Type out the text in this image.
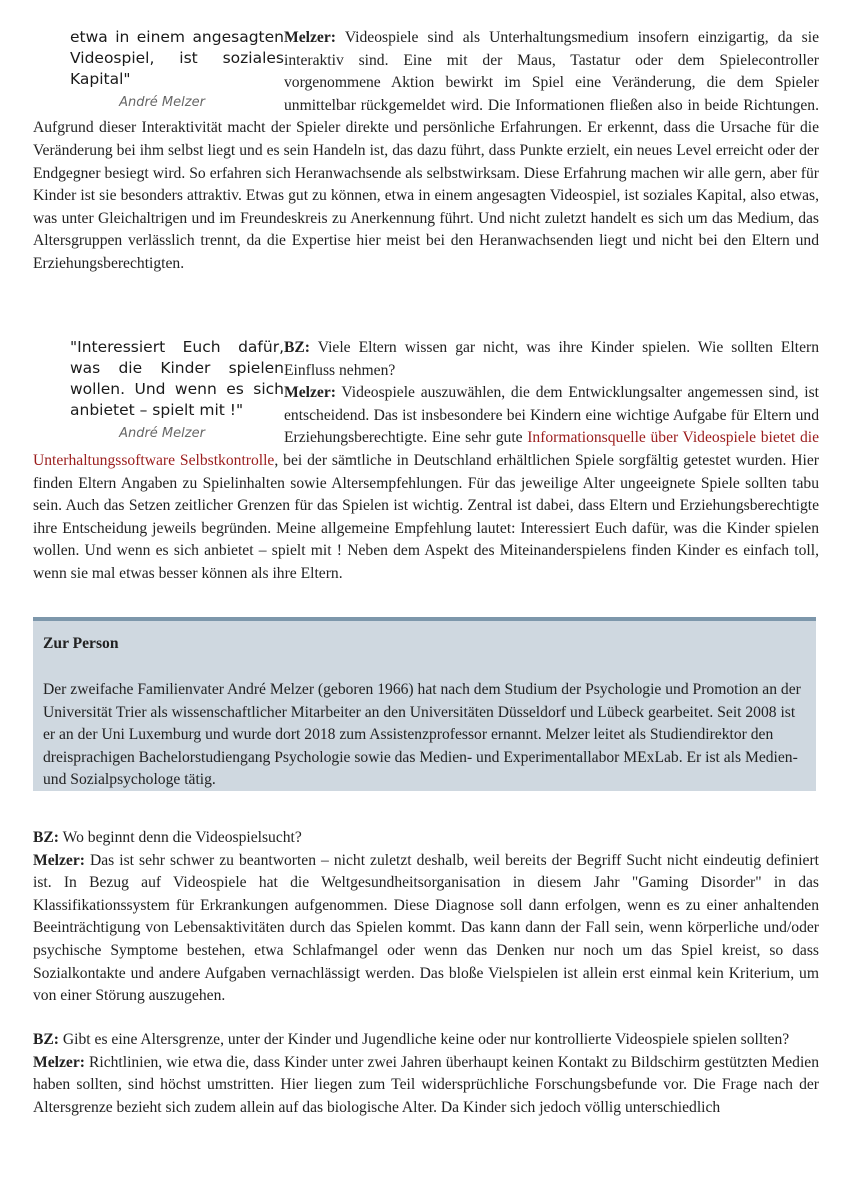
etwa in einem angesagten Videospiel, ist soziales Kapital"
André Melzer

Melzer: Videospiele sind als Unterhaltungsmedium insofern einzigartig, da sie interaktiv sind. Eine mit der Maus, Tastatur oder dem Spielecontroller vorgenommene Aktion bewirkt im Spiel eine Veränderung, die dem Spieler unmittelbar rückgemeldet wird. Die Informationen fließen also in beide Richtungen. Aufgrund dieser Interaktivität macht der Spieler direkte und persönliche Erfahrungen. Er erkennt, dass die Ursache für die Veränderung bei ihm selbst liegt und es sein Handeln ist, das dazu führt, dass Punkte erzielt, ein neues Level erreicht oder der Endgegner besiegt wird. So erfahren sich Heranwachsende als selbstwirksam. Diese Erfahrung machen wir alle gern, aber für Kinder ist sie besonders attraktiv. Etwas gut zu können, etwa in einem angesagten Videospiel, ist soziales Kapital, also etwas, was unter Gleichaltrigen und im Freundeskreis zu Anerkennung führt. Und nicht zuletzt handelt es sich um das Medium, das Altersgruppen verlässlich trennt, da die Expertise hier meist bei den Heranwachsenden liegt und nicht bei den Eltern und Erziehungsberechtigten.

"Interessiert Euch dafür, was die Kinder spielen wollen. Und wenn es sich anbietet – spielt mit !"
André Melzer

BZ: Viele Eltern wissen gar nicht, was ihre Kinder spielen. Wie sollten Eltern Einfluss nehmen?

Melzer: Videospiele auszuwählen, die dem Entwicklungsalter angemessen sind, ist entscheidend. Das ist insbesondere bei Kindern eine wichtige Aufgabe für Eltern und Erziehungsberechtigte. Eine sehr gute Informationsquelle über Videospiele bietet die Unterhaltungssoftware Selbstkontrolle, bei der sämtliche in Deutschland erhältlichen Spiele sorgfältig getestet wurden. Hier finden Eltern Angaben zu Spielinhalten sowie Altersempfehlungen. Für das jeweilige Alter ungeeignete Spiele sollten tabu sein. Auch das Setzen zeitlicher Grenzen für das Spielen ist wichtig. Zentral ist dabei, dass Eltern und Erziehungsberechtigte ihre Entscheidung jeweils begründen. Meine allgemeine Empfehlung lautet: Interessiert Euch dafür, was die Kinder spielen wollen. Und wenn es sich anbietet – spielt mit ! Neben dem Aspekt des Miteinanderspielens finden Kinder es einfach toll, wenn sie mal etwas besser können als ihre Eltern.

Zur Person
Der zweifache Familienvater André Melzer (geboren 1966) hat nach dem Studium der Psychologie und Promotion an der Universität Trier als wissenschaftlicher Mitarbeiter an den Universitäten Düsseldorf und Lübeck gearbeitet. Seit 2008 ist er an der Uni Luxemburg und wurde dort 2018 zum Assistenzprofessor ernannt. Melzer leitet als Studiendirektor den dreisprachigen Bachelorstudiengang Psychologie sowie das Medien- und Experimentallabor MExLab. Er ist als Medien- und Sozialpsychologe tätig.

BZ: Wo beginnt denn die Videospielsucht?

Melzer: Das ist sehr schwer zu beantworten – nicht zuletzt deshalb, weil bereits der Begriff Sucht nicht eindeutig definiert ist. In Bezug auf Videospiele hat die Weltgesundheitsorganisation in diesem Jahr "Gaming Disorder" in das Klassifikationssystem für Erkrankungen aufgenommen. Diese Diagnose soll dann erfolgen, wenn es zu einer anhaltenden Beeinträchtigung von Lebensaktivitäten durch das Spielen kommt. Das kann dann der Fall sein, wenn körperliche und/oder psychische Symptome bestehen, etwa Schlafmangel oder wenn das Denken nur noch um das Spiel kreist, so dass Sozialkontakte und andere Aufgaben vernachlässigt werden. Das bloße Vielspielen ist allein erst einmal kein Kriterium, um von einer Störung auszugehen.

BZ: Gibt es eine Altersgrenze, unter der Kinder und Jugendliche keine oder nur kontrollierte Videospiele spielen sollten?

Melzer: Richtlinien, wie etwa die, dass Kinder unter zwei Jahren überhaupt keinen Kontakt zu Bildschirm gestützten Medien haben sollten, sind höchst umstritten. Hier liegen zum Teil widersprüchliche Forschungsbefunde vor. Die Frage nach der Altersgrenze bezieht sich zudem allein auf das biologische Alter. Da Kinder sich jedoch völlig unterschiedlich
